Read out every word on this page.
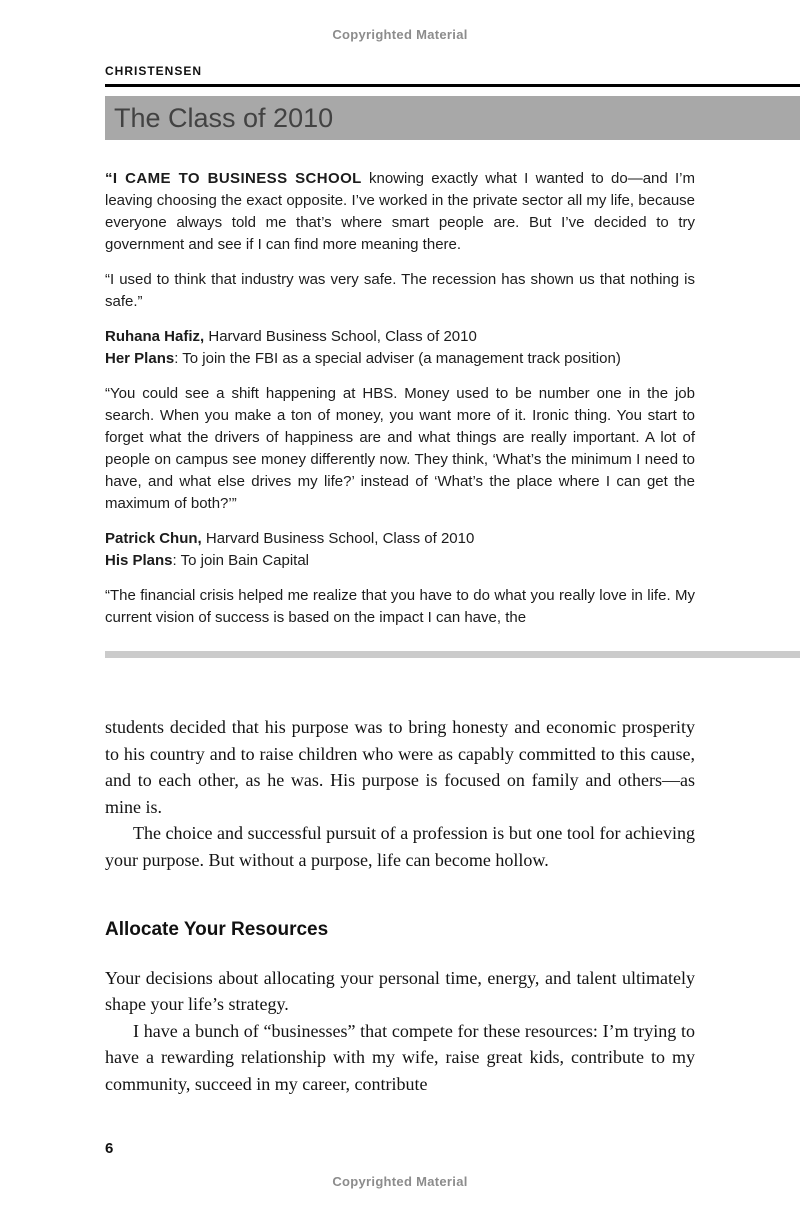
Copyrighted Material
CHRISTENSEN
The Class of 2010

“I CAME TO BUSINESS SCHOOL knowing exactly what I wanted to do—and I’m leaving choosing the exact opposite. I’ve worked in the private sector all my life, because everyone always told me that’s where smart people are. But I’ve decided to try government and see if I can find more meaning there.

“I used to think that industry was very safe. The recession has shown us that nothing is safe.”

Ruhana Hafiz, Harvard Business School, Class of 2010

Her Plans: To join the FBI as a special adviser (a management track position)

“You could see a shift happening at HBS. Money used to be number one in the job search. When you make a ton of money, you want more of it. Ironic thing. You start to forget what the drivers of happiness are and what things are really important. A lot of people on campus see money differently now. They think, ‘What’s the minimum I need to have, and what else drives my life?’ instead of ‘What’s the place where I can get the maximum of both?’”

Patrick Chun, Harvard Business School, Class of 2010

His Plans: To join Bain Capital

“The financial crisis helped me realize that you have to do what you really love in life. My current vision of success is based on the impact I can have, the

students decided that his purpose was to bring honesty and economic prosperity to his country and to raise children who were as capably committed to this cause, and to each other, as he was. His purpose is focused on family and others—as mine is.

The choice and successful pursuit of a profession is but one tool for achieving your purpose. But without a purpose, life can become hollow.

Allocate Your Resources

Your decisions about allocating your personal time, energy, and talent ultimately shape your life’s strategy.

I have a bunch of “businesses” that compete for these resources: I’m trying to have a rewarding relationship with my wife, raise great kids, contribute to my community, succeed in my career, contribute

6
Copyrighted Material
